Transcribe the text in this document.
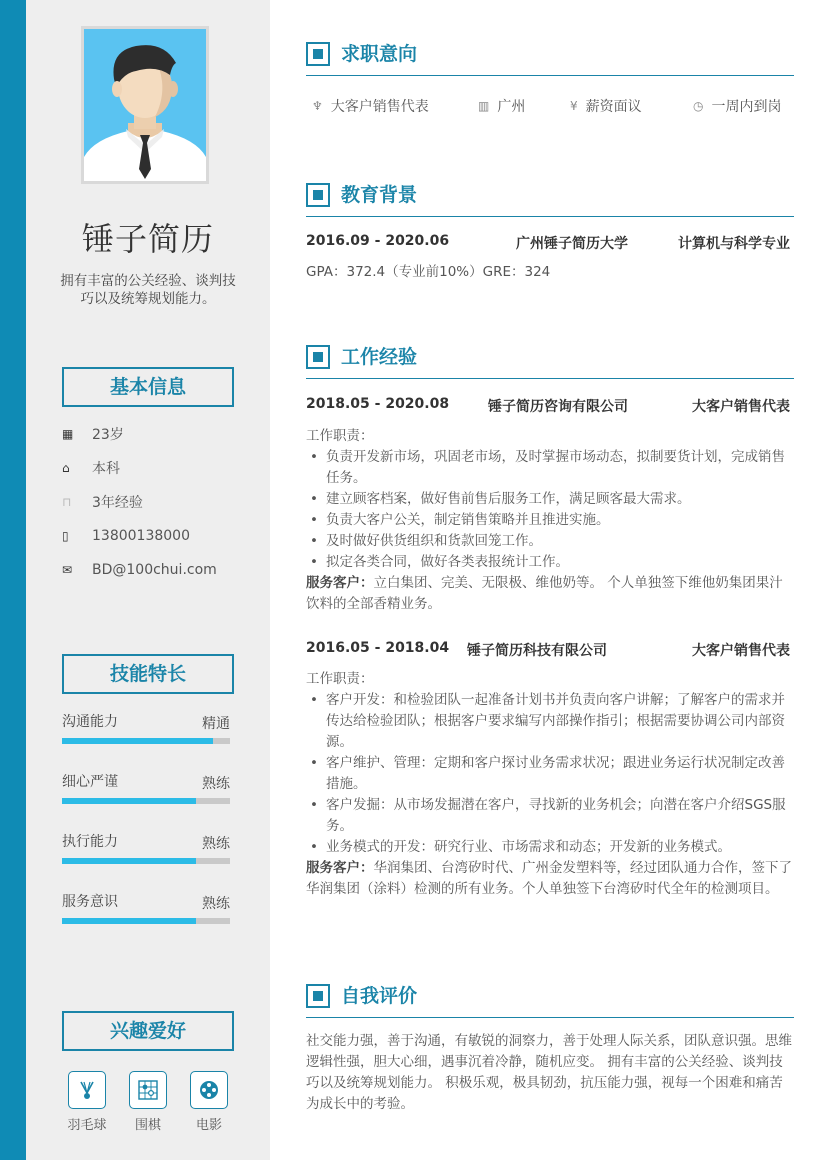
锤子简历
拥有丰富的公关经验、谈判技巧以及统筹规划能力。
基本信息
▦	23岁
⌂	本科
⊓	3年经验
▯	13800138000
✉	BD@100chui.com
技能特长
沟通能力	精通
细心严谨	熟练
执行能力	熟练
服务意识	熟练
兴趣爱好
羽毛球	围棋	电影
求职意向
♆ 大客户销售代表	▥ 广州	¥ 薪资面议	◷ 一周内到岗
教育背景
2016.09 - 2020.06	广州锤子简历大学	计算机与科学专业
GPA：372.4（专业前10%）GRE：324
工作经验
2018.05 - 2020.08	锤子简历咨询有限公司	大客户销售代表
工作职责：
• 负责开发新市场，巩固老市场，及时掌握市场动态，拟制要货计划，完成销售任务。
• 建立顾客档案，做好售前售后服务工作，满足顾客最大需求。
• 负责大客户公关，制定销售策略并且推进实施。
• 及时做好供货组织和货款回笼工作。
• 拟定各类合同，做好各类表报统计工作。
服务客户：立白集团、完美、无限极、维他奶等。 个人单独签下维他奶集团果汁饮料的全部香精业务。
2016.05 - 2018.04 锤子简历科技有限公司	大客户销售代表
工作职责：
• 客户开发：和检验团队一起准备计划书并负责向客户讲解；了解客户的需求并传达给检验团队；根据客户要求编写内部操作指引；根据需要协调公司内部资源。
• 客户维护、管理：定期和客户探讨业务需求状况；跟进业务运行状况制定改善措施。
• 客户发掘：从市场发掘潜在客户，寻找新的业务机会；向潜在客户介绍SGS服务。
• 业务模式的开发：研究行业、市场需求和动态；开发新的业务模式。
服务客户：华润集团、台湾矽时代、广州金发塑料等，经过团队通力合作，签下了华润集团（涂料）检测的所有业务。个人单独签下台湾矽时代全年的检测项目。
自我评价
社交能力强，善于沟通，有敏锐的洞察力，善于处理人际关系，团队意识强。思维逻辑性强，胆大心细，遇事沉着冷静，随机应变。 拥有丰富的公关经验、谈判技巧以及统筹规划能力。 积极乐观，极具韧劲，抗压能力强，视每一个困难和痛苦为成长中的考验。
